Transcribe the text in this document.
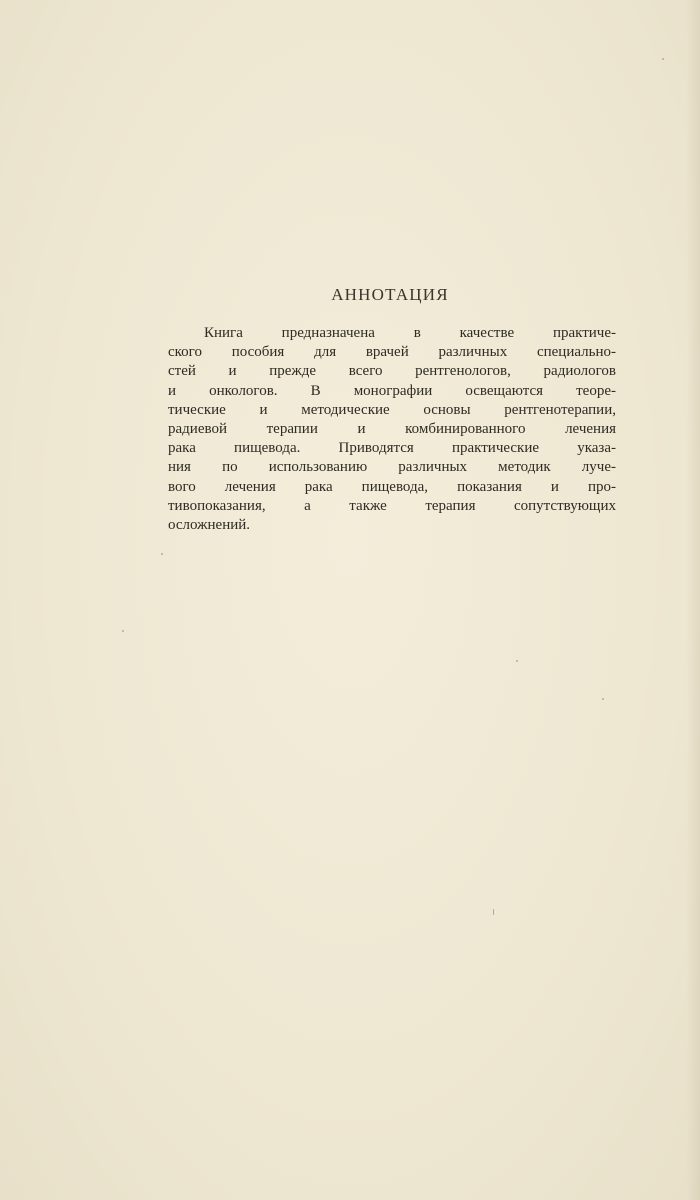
АННОТАЦИЯ
Книга предназначена в качестве практиче-
ского пособия для врачей различных специально-
стей и прежде всего рентгенологов, радиологов
и онкологов. В монографии освещаются теоре-
тические и методические основы рентгенотерапии,
радиевой терапии и комбинированного лечения
рака пищевода. Приводятся практические указа-
ния по использованию различных методик луче-
вого лечения рака пищевода, показания и про-
тивопоказания, а также терапия сопутствующих
осложнений.
